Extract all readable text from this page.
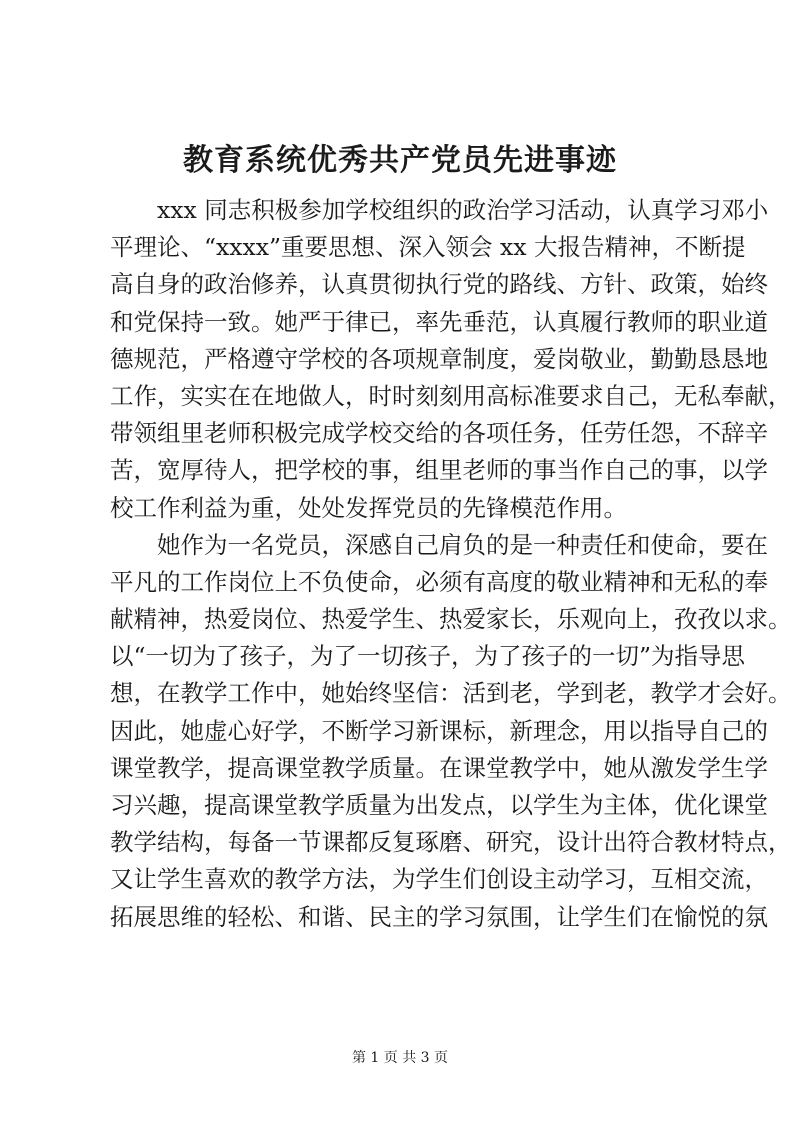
教育系统优秀共产党员先进事迹
xxx 同志积极参加学校组织的政治学习活动，认真学习邓小
平理论、“xxxx”重要思想、深入领会 xx 大报告精神，不断提
高自身的政治修养，认真贯彻执行党的路线、方针、政策，始终
和党保持一致。她严于律已，率先垂范，认真履行教师的职业道
德规范，严格遵守学校的各项规章制度，爱岗敬业，勤勤恳恳地
工作，实实在在地做人，时时刻刻用高标准要求自己，无私奉献，
带领组里老师积极完成学校交给的各项任务，任劳任怨，不辞辛
苦，宽厚待人，把学校的事，组里老师的事当作自己的事，以学
校工作利益为重，处处发挥党员的先锋模范作用。
她作为一名党员，深感自己肩负的是一种责任和使命，要在
平凡的工作岗位上不负使命，必须有高度的敬业精神和无私的奉
献精神，热爱岗位、热爱学生、热爱家长，乐观向上，孜孜以求。
以“一切为了孩子，为了一切孩子，为了孩子的一切”为指导思
想，在教学工作中，她始终坚信：活到老，学到老，教学才会好。
因此，她虚心好学，不断学习新课标，新理念，用以指导自己的
课堂教学，提高课堂教学质量。在课堂教学中，她从激发学生学
习兴趣，提高课堂教学质量为出发点，以学生为主体，优化课堂
教学结构，每备一节课都反复琢磨、研究，设计出符合教材特点，
又让学生喜欢的教学方法，为学生们创设主动学习，互相交流，
拓展思维的轻松、和谐、民主的学习氛围，让学生们在愉悦的氛
第 1 页 共 3 页
